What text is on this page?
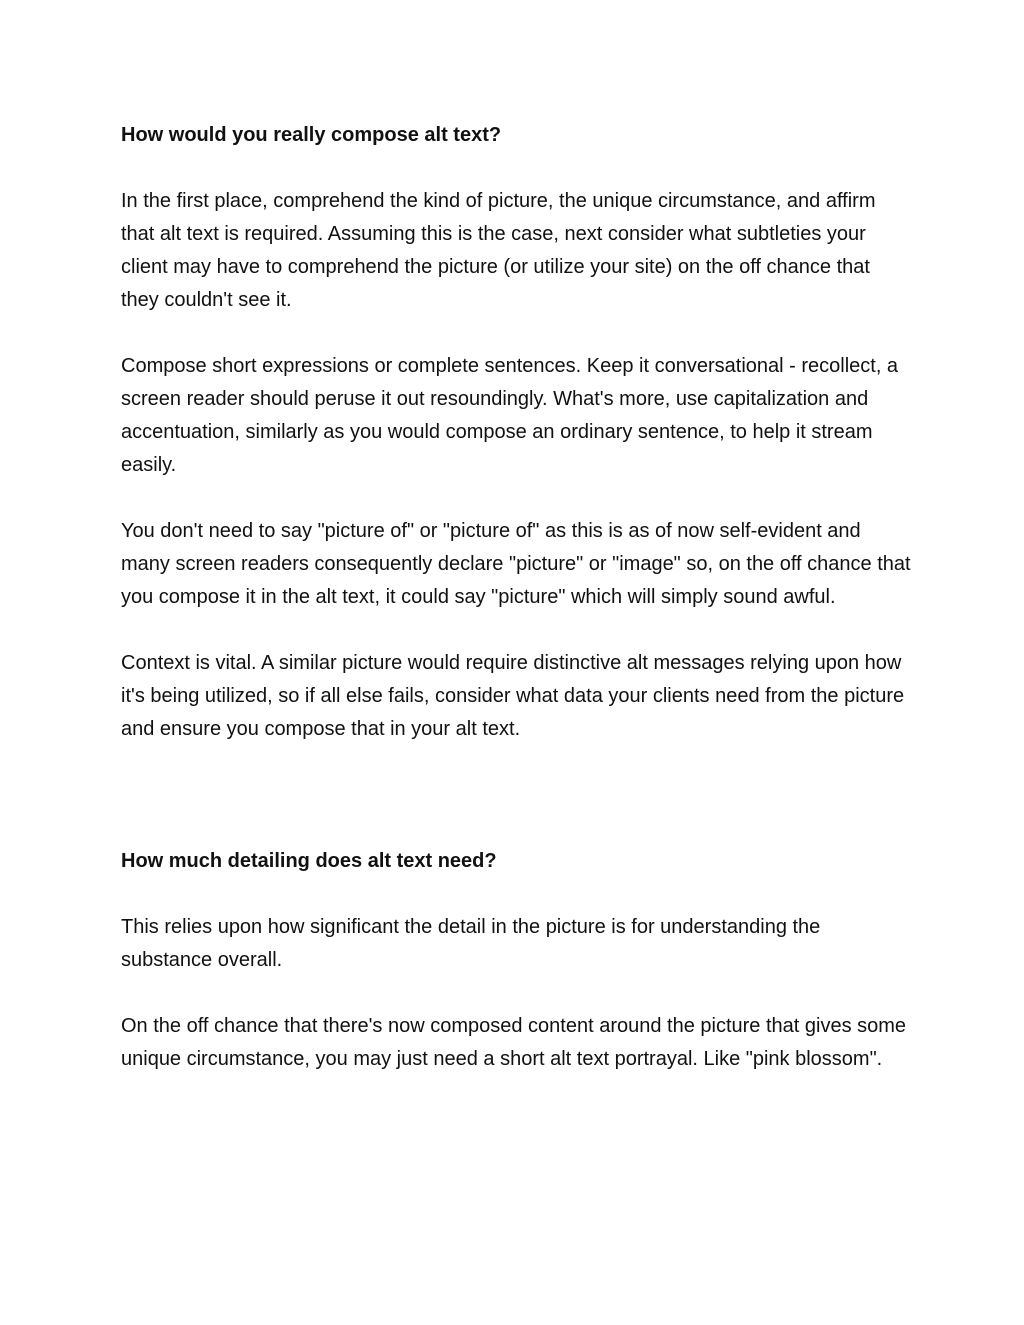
How would you really compose alt text?

In the first place, comprehend the kind of picture, the unique circumstance, and affirm that alt text is required. Assuming this is the case, next consider what subtleties your client may have to comprehend the picture (or utilize your site) on the off chance that they couldn't see it.

Compose short expressions or complete sentences. Keep it conversational - recollect, a screen reader should peruse it out resoundingly. What's more, use capitalization and accentuation, similarly as you would compose an ordinary sentence, to help it stream easily.

You don't need to say "picture of" or "picture of" as this is as of now self-evident and many screen readers consequently declare "picture" or "image" so, on the off chance that you compose it in the alt text, it could say "picture" which will simply sound awful.

Context is vital. A similar picture would require distinctive alt messages relying upon how it's being utilized, so if all else fails, consider what data your clients need from the picture and ensure you compose that in your alt text.

How much detailing does alt text need?

This relies upon how significant the detail in the picture is for understanding the substance overall.

On the off chance that there's now composed content around the picture that gives some unique circumstance, you may just need a short alt text portrayal. Like "pink blossom".
